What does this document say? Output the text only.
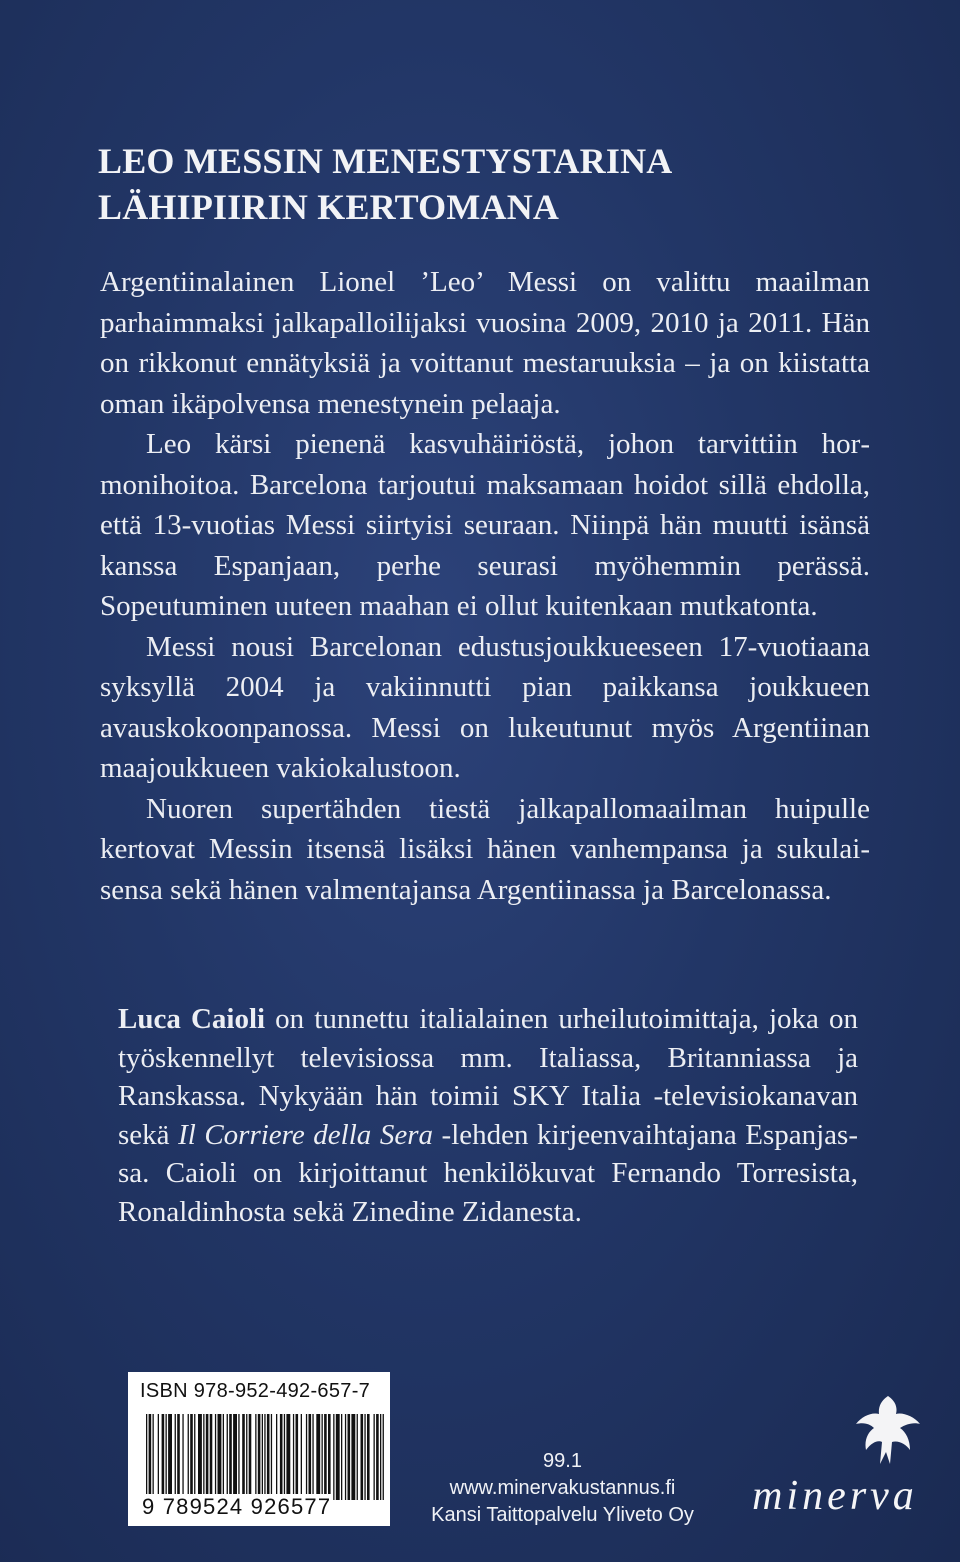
LEO MESSIN MENESTYSTARINA
LÄHIPIIRIN KERTOMANA

Argentiinalainen Lionel ’Leo’ Messi on valittu maailman parhaimmaksi jalkapalloilijaksi vuosina 2009, 2010 ja 2011. Hän on rikkonut ennätyksiä ja voittanut mestaruuksia – ja on kiistatta oman ikäpolvensa menestynein pelaaja.

Leo kärsi pienenä kasvuhäiriöstä, johon tarvittiin hormonihoitoa. Barcelona tarjoutui maksamaan hoidot sillä ehdolla, että 13-vuotias Messi siirtyisi seuraan. Niinpä hän muutti isänsä kanssa Espanjaan, perhe seurasi myöhemmin perässä. Sopeutuminen uuteen maahan ei ollut kuitenkaan mutkatonta.

Messi nousi Barcelonan edustusjoukkueeseen 17-vuotiaana syksyllä 2004 ja vakiinnutti pian paikkansa joukkueen avauskokoonpanossa. Messi on lukeutunut myös Argentiinan maajoukkueen vakiokalustoon.

Nuoren supertähden tiestä jalkapallomaailman huipulle kertovat Messin itsensä lisäksi hänen vanhempansa ja sukulaisensa sekä hänen valmentajansa Argentiinassa ja Barcelonassa.

Luca Caioli on tunnettu italialainen urheilutoimittaja, joka on työskennellyt televisiossa mm. Italiassa, Britanniassa ja Ranskassa. Nykyään hän toimii SKY Italia -televisiokanavan sekä Il Corriere della Sera -lehden kirjeenvaihtajana Espanjassa. Caioli on kirjoittanut henkilökuvat Fernando Torresista, Ronaldinhosta sekä Zinedine Zidanesta.

ISBN 978-952-492-657-7
9 789524 926577
99.1
www.minervakustannus.fi
Kansi Taittopalvelu Yliveto Oy	minerva
